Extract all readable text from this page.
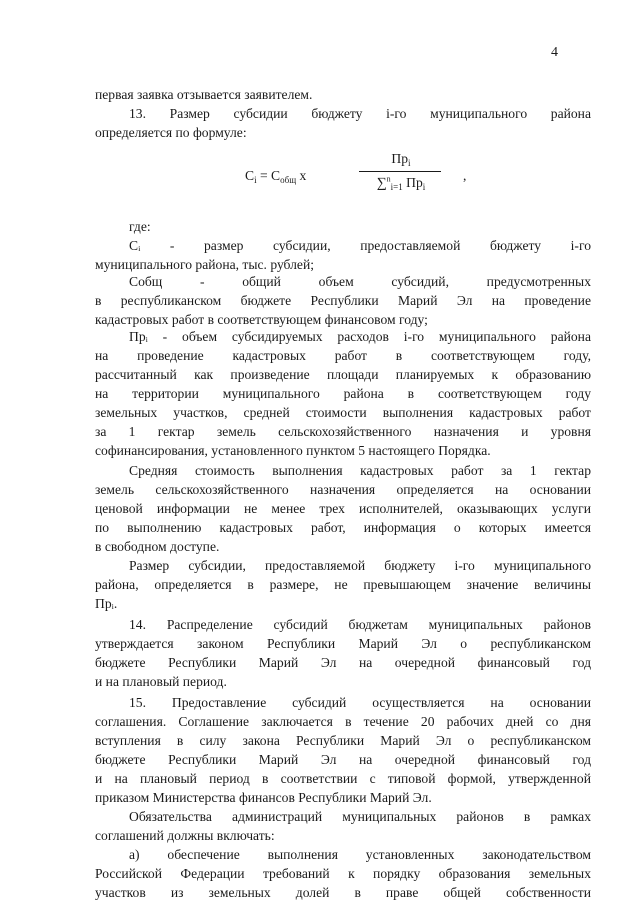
4
первая заявка отзывается заявителем.
13. Размер субсидии бюджету i-го муниципального района
определяется по формуле:
$C_i = C_{общ}$ x
$Пр_i$
∑$^n_{i=1}$ $Пр_i$
,
где:
Cᵢ - размер субсидии, предоставляемой бюджету i-го
муниципального района, тыс. рублей;
Cобщ - общий объем субсидий, предусмотренных
в республиканском бюджете Республики Марий Эл на проведение
кадастровых работ в соответствующем финансовом году;
Прᵢ - объем субсидируемых расходов i-го муниципального района
на проведение кадастровых работ в соответствующем году,
рассчитанный как произведение площади планируемых к образованию
на территории муниципального района в соответствующем году
земельных участков, средней стоимости выполнения кадастровых работ
за 1 гектар земель сельскохозяйственного назначения и уровня
софинансирования, установленного пунктом 5 настоящего Порядка.
Средняя стоимость выполнения кадастровых работ за 1 гектар
земель сельскохозяйственного назначения определяется на основании
ценовой информации не менее трех исполнителей, оказывающих услуги
по выполнению кадастровых работ, информация о которых имеется
в свободном доступе.
Размер субсидии, предоставляемой бюджету i-го муниципального
района, определяется в размере, не превышающем значение величины
Прᵢ.
14. Распределение субсидий бюджетам муниципальных районов
утверждается законом Республики Марий Эл о республиканском
бюджете Республики Марий Эл на очередной финансовый год
и на плановый период.
15. Предоставление субсидий осуществляется на основании
соглашения. Соглашение заключается в течение 20 рабочих дней со дня
вступления в силу закона Республики Марий Эл о республиканском
бюджете Республики Марий Эл на очередной финансовый год
и на плановый период в соответствии с типовой формой, утвержденной
приказом Министерства финансов Республики Марий Эл.
Обязательства администраций муниципальных районов в рамках
соглашений должны включать:
а) обеспечение выполнения установленных законодательством
Российской Федерации требований к порядку образования земельных
участков из земельных долей в праве общей собственности
